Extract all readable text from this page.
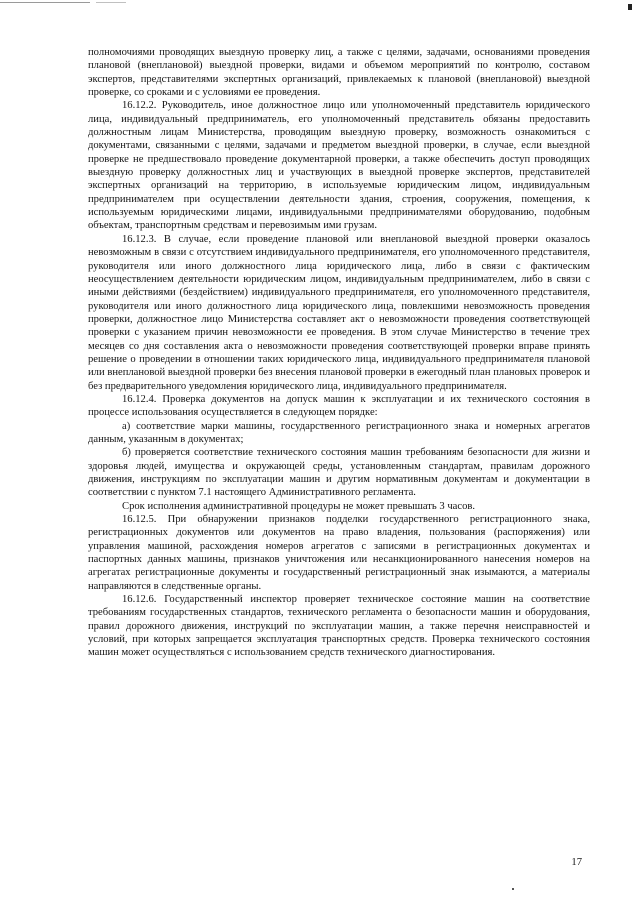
полномочиями проводящих выездную проверку лиц, а также с целями, задачами, основаниями проведения плановой (внеплановой) выездной проверки, видами и объемом мероприятий по контролю, составом экспертов, представителями экспертных организаций, привлекаемых к плановой (внеплановой) выездной проверке, со сроками и с условиями ее проведения.

16.12.2. Руководитель, иное должностное лицо или уполномоченный представитель юридического лица, индивидуальный предприниматель, его уполномоченный представитель обязаны предоставить должностным лицам Министерства, проводящим выездную проверку, возможность ознакомиться с документами, связанными с целями, задачами и предметом выездной проверки, в случае, если выездной проверке не предшествовало проведение документарной проверки, а также обеспечить доступ проводящих выездную проверку должностных лиц и участвующих в выездной проверке экспертов, представителей экспертных организаций на территорию, в используемые юридическим лицом, индивидуальным предпринимателем при осуществлении деятельности здания, строения, сооружения, помещения, к используемым юридическими лицами, индивидуальными предпринимателями оборудованию, подобным объектам, транспортным средствам и перевозимым ими грузам.

16.12.3. В случае, если проведение плановой или внеплановой выездной проверки оказалось невозможным в связи с отсутствием индивидуального предпринимателя, его уполномоченного представителя, руководителя или иного должностного лица юридического лица, либо в связи с фактическим неосуществлением деятельности юридическим лицом, индивидуальным предпринимателем, либо в связи с иными действиями (бездействием) индивидуального предпринимателя, его уполномоченного представителя, руководителя или иного должностного лица юридического лица, повлекшими невозможность проведения проверки, должностное лицо Министерства составляет акт о невозможности проведения соответствующей проверки с указанием причин невозможности ее проведения. В этом случае Министерство в течение трех месяцев со дня составления акта о невозможности проведения соответствующей проверки вправе принять решение о проведении в отношении таких юридического лица, индивидуального предпринимателя плановой или внеплановой выездной проверки без внесения плановой проверки в ежегодный план плановых проверок и без предварительного уведомления юридического лица, индивидуального предпринимателя.

16.12.4. Проверка документов на допуск машин к эксплуатации и их технического состояния в процессе использования осуществляется в следующем порядке:

а) соответствие марки машины, государственного регистрационного знака и номерных агрегатов данным, указанным в документах;

б) проверяется соответствие технического состояния машин требованиям безопасности для жизни и здоровья людей, имущества и окружающей среды, установленным стандартам, правилам дорожного движения, инструкциям по эксплуатации машин и другим нормативным документам и документации в соответствии с пунктом 7.1 настоящего Административного регламента.

Срок исполнения административной процедуры не может превышать 3 часов.

16.12.5. При обнаружении признаков подделки государственного регистрационного знака, регистрационных документов или документов на право владения, пользования (распоряжения) или управления машиной, расхождения номеров агрегатов с записями в регистрационных документах и паспортных данных машины, признаков уничтожения или несанкционированного нанесения номеров на агрегатах регистрационные документы и государственный регистрационный знак изымаются, а материалы направляются в следственные органы.

16.12.6. Государственный инспектор проверяет техническое состояние машин на соответствие требованиям государственных стандартов, технического регламента о безопасности машин и оборудования, правил дорожного движения, инструкций по эксплуатации машин, а также перечня неисправностей и условий, при которых запрещается эксплуатация транспортных средств. Проверка технического состояния машин может осуществляться с использованием средств технического диагностирования.

17
